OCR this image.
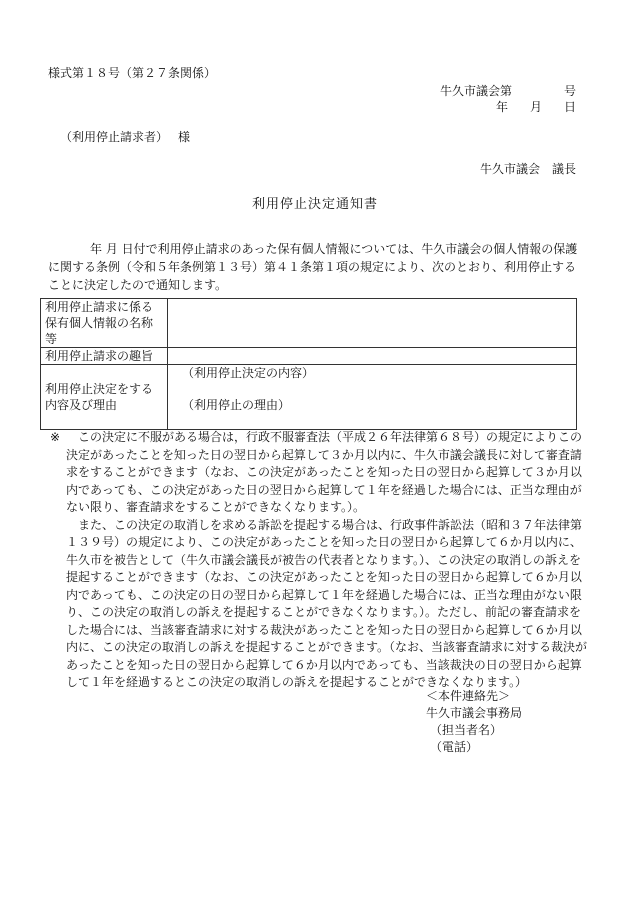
様式第１８号（第２７条関係）
牛久市議会第	号
年 月 日
（利用停止請求者） 様
牛久市議会 議長
利用停止決定通知書
年 月 日付で利用停止請求のあった保有個人情報については、牛久市議会の個人情報の保護に関する条例（令和５年条例第１３号）第４１条第１項の規定により、次のとおり、利用停止することに決定したので通知します。
利用停止請求に係る保有個人情報の名称等	
利用停止請求の趣旨	
利用停止決定をする内容及び理由	（利用停止決定の内容）
（利用停止の理由）
※	この決定に不服がある場合は，行政不服審査法（平成２６年法律第６８号）の規定によりこの決定があったことを知った日の翌日から起算して３か月以内に、牛久市議会議長に対して審査請求をすることができます（なお、この決定があったことを知った日の翌日から起算して３か月以内であっても、この決定があった日の翌日から起算して１年を経過した場合には、正当な理由がない限り、審査請求をすることができなくなります。）。

また、この決定の取消しを求める訴訟を提起する場合は、行政事件訴訟法（昭和３７年法律第１３９号）の規定により、この決定があったことを知った日の翌日から起算して６か月以内に、牛久市を被告として（牛久市議会議長が被告の代表者となります。）、この決定の取消しの訴えを提起することができます（なお、この決定があったことを知った日の翌日から起算して６か月以内であっても、この決定の日の翌日から起算して１年を経過した場合には、正当な理由がない限り、この決定の取消しの訴えを提起することができなくなります。）。ただし、前記の審査請求をした場合には、当該審査請求に対する裁決があったことを知った日の翌日から起算して６か月以内に、この決定の取消しの訴えを提起することができます。（なお、当該審査請求に対する裁決があったことを知った日の翌日から起算して６か月以内であっても、当該裁決の日の翌日から起算して１年を経過するとこの決定の取消しの訴えを提起することができなくなります。）

＜本件連絡先＞
牛久市議会事務局
（担当者名）
（電話）
